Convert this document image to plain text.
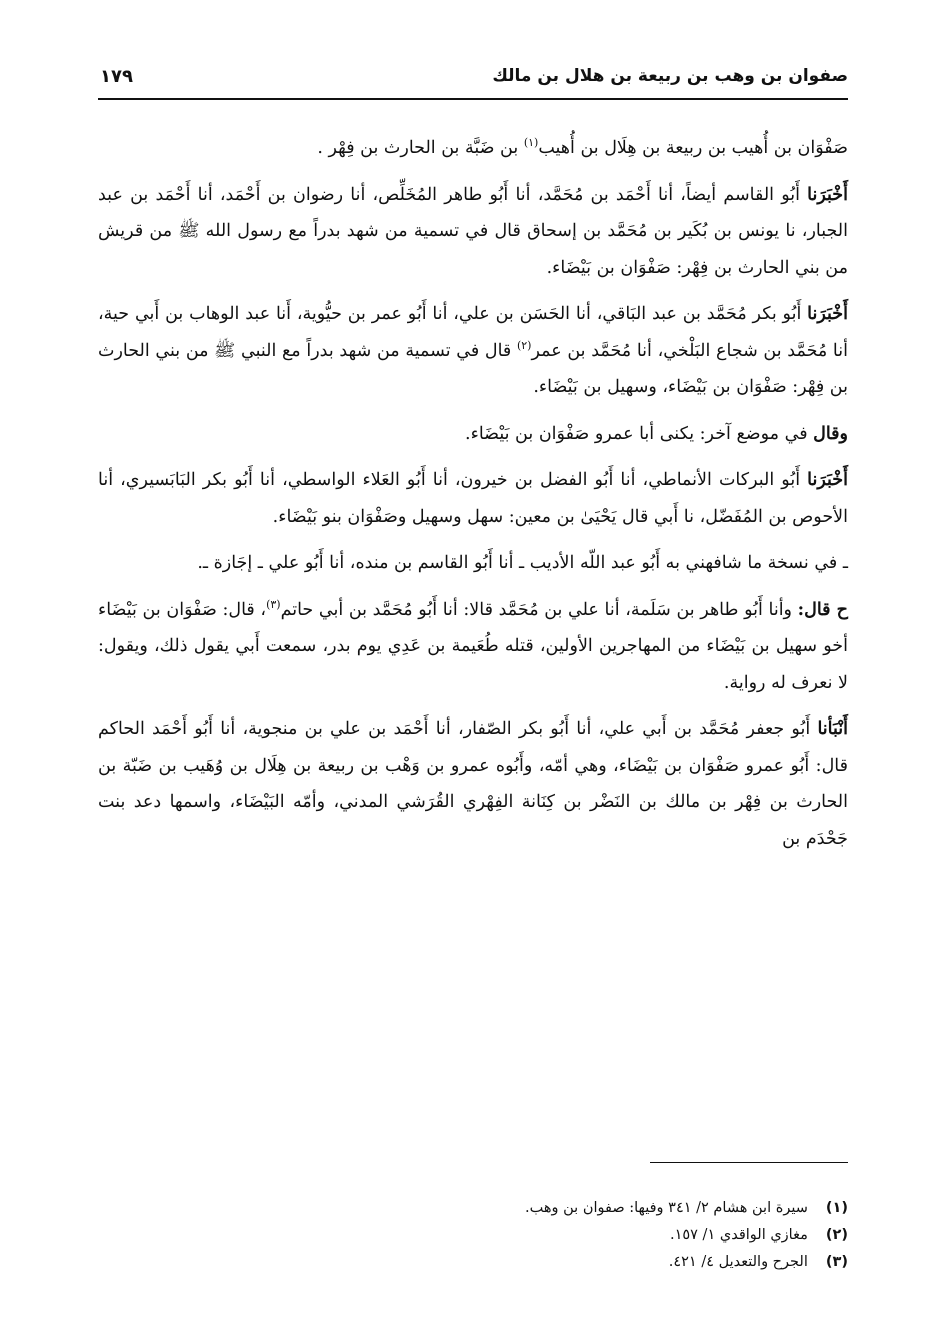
صفوان بن وهب بن ربيعة بن هلال بن مالك
١٧٩

صَفْوَان بن أُهيب بن ربيعة بن هِلَال بن أُهيب$^{(١)}$ بن ضَبَّة بن الحارث بن فِهْر .

أَخْبَرَنا أَبُو القاسم أيضاً، أنا أَحْمَد بن مُحَمَّد، أنا أَبُو طاهر المُخَلِّص، أنا رضوان بن أَحْمَد، أنا أَحْمَد بن عبد الجبار، نا يونس بن بُكَير بن مُحَمَّد بن إسحاق قال في تسمية من شهد بدراً مع رسول الله ﷺ من قريش من بني الحارث بن فِهْر: صَفْوَان بن بَيْضَاء.

أَخْبَرَنا أَبُو بكر مُحَمَّد بن عبد البَاقي، أنا الحَسَن بن علي، أنا أَبُو عمر بن حيُّوية، أَنا عبد الوهاب بن أَبي حية، أنا مُحَمَّد بن شجاع البَلْخي، أنا مُحَمَّد بن عمر$^{(٢)}$ قال في تسمية من شهد بدراً مع النبي ﷺ من بني الحارث بن فِهْر: صَفْوَان بن بَيْضَاء، وسهيل بن بَيْضَاء.

وقال في موضع آخر: يكنى أبا عمرو صَفْوَان بن بَيْضَاء.

أَخْبَرَنا أَبُو البركات الأنماطي، أنا أَبُو الفضل بن خيرون، أنا أَبُو العَلاء الواسطي، أنا أَبُو بكر البَابَسيري، أنا الأحوص بن المُفَضّل، نا أَبي قال يَحْيَىٰ بن معين: سهل وسهيل وصَفْوَان بنو بَيْضَاء.

ـ في نسخة ما شافهني به أَبُو عبد اللّه الأديب ـ أنا أَبُو القاسم بن منده، أنا أَبُو علي ـ إجَازة ـ.

ح قال: وأنا أَبُو طاهر بن سَلَمة، أنا علي بن مُحَمَّد قالا: أنا أَبُو مُحَمَّد بن أبي حاتم$^{(٣)}$، قال: صَفْوَان بن بَيْضَاء أخو سهيل بن بَيْضَاء من المهاجرين الأولين، قتله طُعَيمة بن عَدِي يوم بدر، سمعت أَبي يقول ذلك، ويقول: لا نعرف له رواية.

أَنْبَأنا أَبُو جعفر مُحَمَّد بن أَبي علي، أنا أَبُو بكر الصّفار، أنا أَحْمَد بن علي بن منجوية، أنا أَبُو أَحْمَد الحاكم قال: أَبُو عمرو صَفْوَان بن بَيْضَاء، وهي أمّه، وأَبُوه عمرو بن وَهْب بن ربيعة بن هِلَال بن وُهَيب بن ضَبّة بن الحارث بن فِهْر بن مالك بن النَضْر بن كِنَانة الفِهْري القُرَشي المدني، وأمّه البَيْضَاء، واسمها دعد بنت جَحْدَم بن

(١)سيرة ابن هشام ٢/ ٣٤١ وفيها: صفوان بن وهب.
(٢)مغازي الواقدي ١/ ١٥٧.
(٣)الجرح والتعديل ٤/ ٤٢١.
